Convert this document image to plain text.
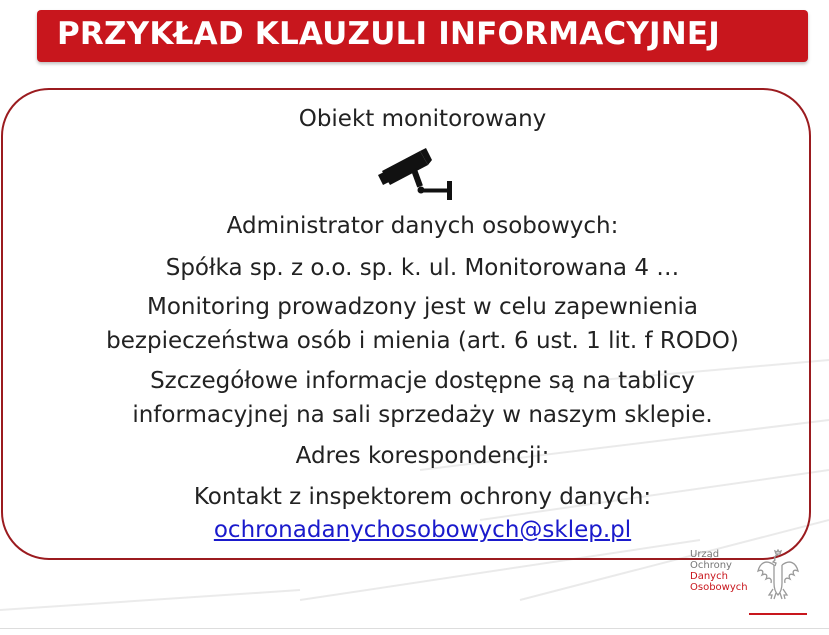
PRZYKŁAD KLAUZULI INFORMACYJNEJ
Obiekt monitorowany
Administrator danych osobowych:
Spółka sp. z o.o. sp. k. ul. Monitorowana 4 …
Monitoring prowadzony jest w celu zapewnienia
bezpieczeństwa osób i mienia (art. 6 ust. 1 lit. f RODO)
Szczegółowe informacje dostępne są na tablicy
informacyjnej na sali sprzedaży w naszym sklepie.
Adres korespondencji:
Kontakt z inspektorem ochrony danych:
ochronadanychosobowych@sklep.pl
Urząd
Ochrony
Danych
Osobowych
